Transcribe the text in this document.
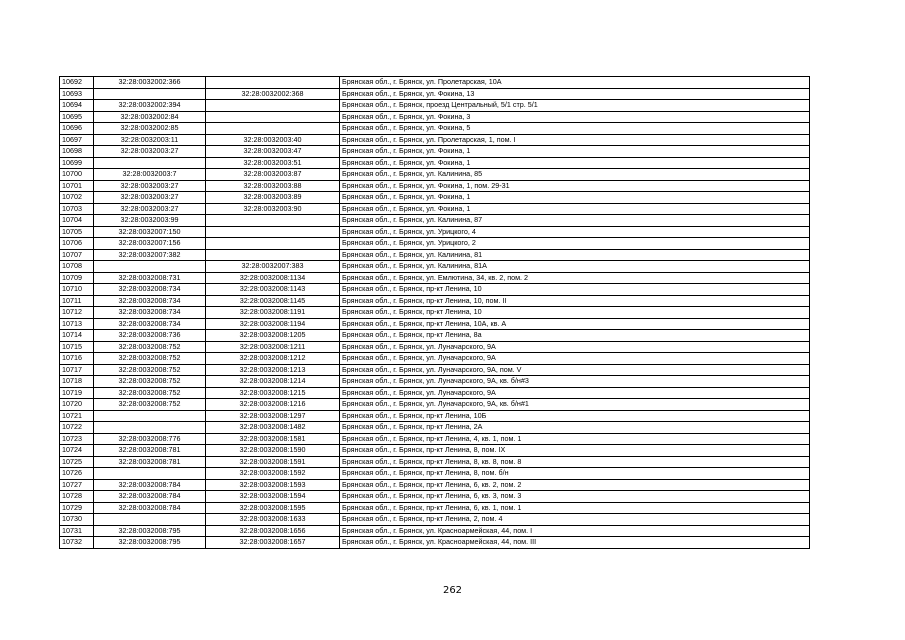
10692	32:28:0032002:366		Брянская обл., г. Брянск, ул. Пролетарская, 10А
10693		32:28:0032002:368	Брянская обл., г. Брянск, ул. Фокина, 13
10694	32:28:0032002:394		Брянская обл., г. Брянск, проезд Центральный, 5/1 стр. 5/1
10695	32:28:0032002:84		Брянская обл., г. Брянск, ул. Фокина, 3
10696	32:28:0032002:85		Брянская обл., г. Брянск, ул. Фокина, 5
10697	32:28:0032003:11	32:28:0032003:40	Брянская обл., г. Брянск, ул. Пролетарская, 1, пом. I
10698	32:28:0032003:27	32:28:0032003:47	Брянская обл., г. Брянск, ул. Фокина, 1
10699		32:28:0032003:51	Брянская обл., г. Брянск, ул. Фокина, 1
10700	32:28:0032003:7	32:28:0032003:87	Брянская обл., г. Брянск, ул. Калинина, 85
10701	32:28:0032003:27	32:28:0032003:88	Брянская обл., г. Брянск, ул. Фокина, 1, пом. 29-31
10702	32:28:0032003:27	32:28:0032003:89	Брянская обл., г. Брянск, ул. Фокина, 1
10703	32:28:0032003:27	32:28:0032003:90	Брянская обл., г. Брянск, ул. Фокина, 1
10704	32:28:0032003:99		Брянская обл., г. Брянск, ул. Калинина, 87
10705	32:28:0032007:150		Брянская обл., г. Брянск, ул. Урицкого, 4
10706	32:28:0032007:156		Брянская обл., г. Брянск, ул. Урицкого, 2
10707	32:28:0032007:382		Брянская обл., г. Брянск, ул. Калинина, 81
10708		32:28:0032007:383	Брянская обл., г. Брянск, ул. Калинина, 81А
10709	32:28:0032008:731	32:28:0032008:1134	Брянская обл., г. Брянск, ул. Емлютина, 34, кв. 2, пом. 2
10710	32:28:0032008:734	32:28:0032008:1143	Брянская обл., г. Брянск, пр-кт Ленина, 10
10711	32:28:0032008:734	32:28:0032008:1145	Брянская обл., г. Брянск, пр-кт Ленина, 10, пом. II
10712	32:28:0032008:734	32:28:0032008:1191	Брянская обл., г. Брянск, пр-кт Ленина, 10
10713	32:28:0032008:734	32:28:0032008:1194	Брянская обл., г. Брянск, пр-кт Ленина, 10А, кв. А
10714	32:28:0032008:736	32:28:0032008:1205	Брянская обл., г. Брянск, пр-кт Ленина, 8а
10715	32:28:0032008:752	32:28:0032008:1211	Брянская обл., г. Брянск, ул. Луначарского, 9А
10716	32:28:0032008:752	32:28:0032008:1212	Брянская обл., г. Брянск, ул. Луначарского, 9А
10717	32:28:0032008:752	32:28:0032008:1213	Брянская обл., г. Брянск, ул. Луначарского, 9А, пом. V
10718	32:28:0032008:752	32:28:0032008:1214	Брянская обл., г. Брянск, ул. Луначарского, 9А, кв. б/н#3
10719	32:28:0032008:752	32:28:0032008:1215	Брянская обл., г. Брянск, ул. Луначарского, 9А
10720	32:28:0032008:752	32:28:0032008:1216	Брянская обл., г. Брянск, ул. Луначарского, 9А, кв. б/н#1
10721		32:28:0032008:1297	Брянская обл., г. Брянск, пр-кт Ленина, 10Б
10722		32:28:0032008:1482	Брянская обл., г. Брянск, пр-кт Ленина, 2А
10723	32:28:0032008:776	32:28:0032008:1581	Брянская обл., г. Брянск, пр-кт Ленина, 4, кв. 1, пом. 1
10724	32:28:0032008:781	32:28:0032008:1590	Брянская обл., г. Брянск, пр-кт Ленина, 8, пом. IX
10725	32:28:0032008:781	32:28:0032008:1591	Брянская обл., г. Брянск, пр-кт Ленина, 8, кв. 8, пом. 8
10726		32:28:0032008:1592	Брянская обл., г. Брянск, пр-кт Ленина, 8, пом. б/н
10727	32:28:0032008:784	32:28:0032008:1593	Брянская обл., г. Брянск, пр-кт Ленина, 6, кв. 2, пом. 2
10728	32:28:0032008:784	32:28:0032008:1594	Брянская обл., г. Брянск, пр-кт Ленина, 6, кв. 3, пом. 3
10729	32:28:0032008:784	32:28:0032008:1595	Брянская обл., г. Брянск, пр-кт Ленина, 6, кв. 1, пом. 1
10730		32:28:0032008:1633	Брянская обл., г. Брянск, пр-кт Ленина, 2, пом. 4
10731	32:28:0032008:795	32:28:0032008:1656	Брянская обл., г. Брянск, ул. Красноармейская, 44, пом. I
10732	32:28:0032008:795	32:28:0032008:1657	Брянская обл., г. Брянск, ул. Красноармейская, 44, пом. III
262
